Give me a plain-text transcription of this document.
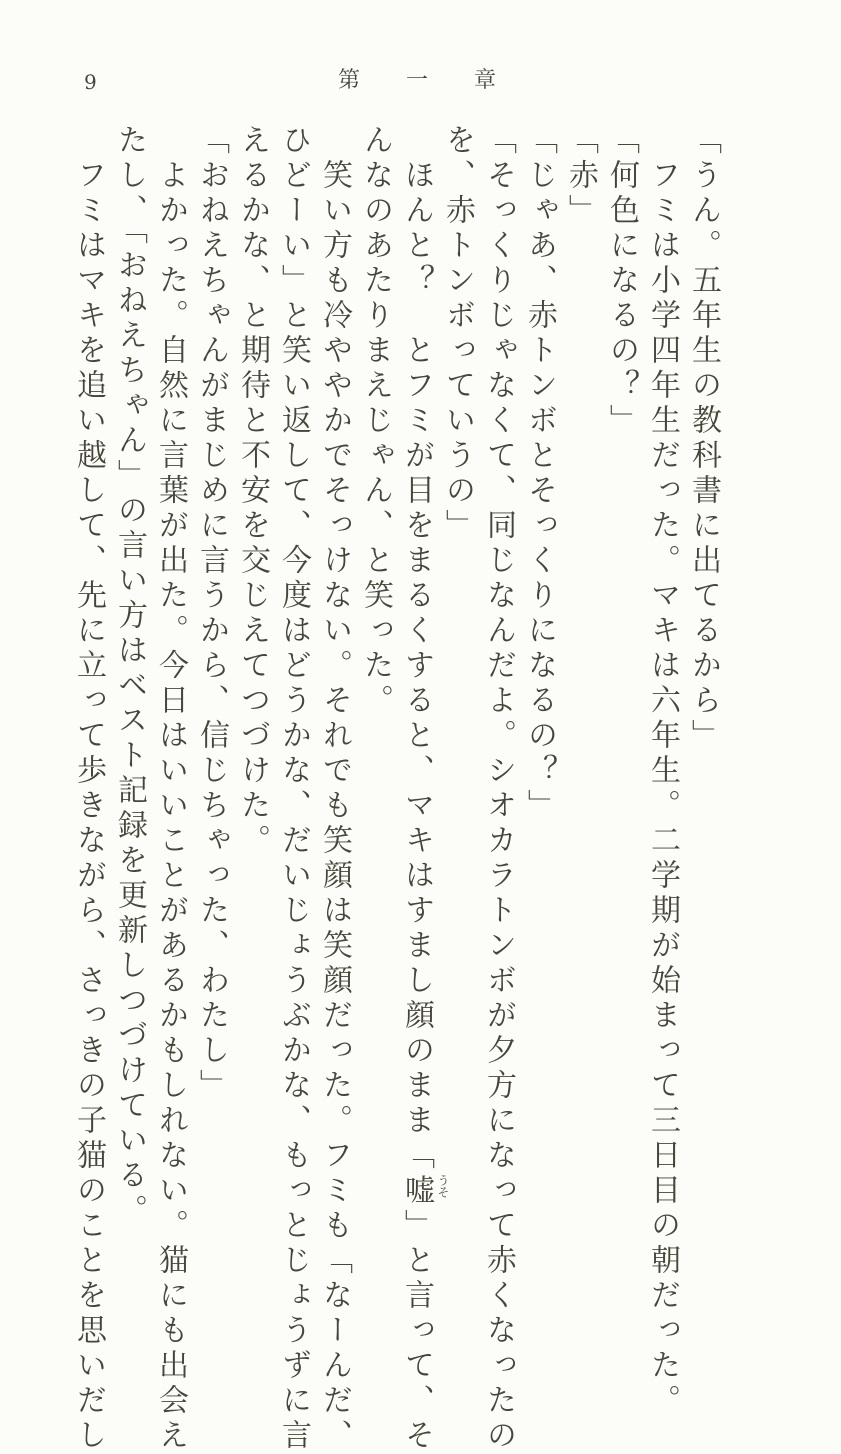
9	第 一 章
「うん。五年生の教科書に出てるから」
　フミは小学四年生だった。マキは六年生。二学期が始まって三日目の朝だった。
「何色になるの？」
「赤」
「じゃあ、赤トンボとそっくりになるの？」
「そっくりじゃなくて、同じなんだよ。シオカラトンボが夕方になって赤くなったの
を、赤トンボっていうの」
　ほんと？　とフミが目をまるくすると、マキはすまし顔のまま「嘘 うそ
」と言って、そ
んなのあたりまえじゃん、と笑った。
　笑い方も冷ややかでそっけない。それでも笑顔は笑顔だった。フミも「なーんだ、
ひどーい」と笑い返して、今度はどうかな、だいじょうぶかな、もっとじょうずに言
えるかな、と期待と不安を交じえてつづけた。
「おねえちゃんがまじめに言うから、信じちゃった、わたし」
　よかった。自然に言葉が出た。今日はいいことがあるかもしれない。猫にも出会え
たし、「おねえちゃん」の言い方はベスト記録を更新しつづけている。
　フミはマキを追い越して、先に立って歩きながら、さっきの子猫のことを思いだし
